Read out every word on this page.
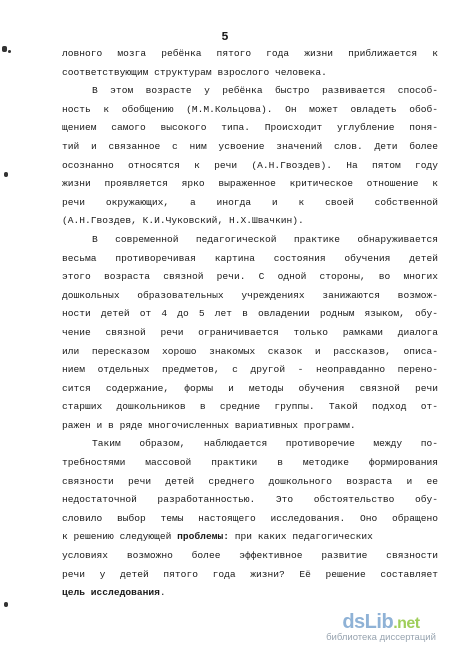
5
ловного мозга ребёнка пятого года жизни приближается к
соответствующим структурам взрослого человека.
В этом возрасте у ребёнка быстро развивается способ-
ность к обобщению (М.М.Кольцова). Он может овладеть обоб-
щением самого высокого типа. Происходит углубление поня-
тий и связанное с ним усвоение значений слов. Дети более
осознанно относятся к речи (А.Н.Гвоздев). На пятом году
жизни проявляется ярко выраженное критическое отношение к
речи окружающих, а иногда и к своей собственной
(А.Н.Гвоздев, К.И.Чуковский, Н.Х.Швачкин).
В современной педагогической практике обнаруживается
весьма противоречивая картина состояния обучения детей
этого возраста связной речи. С одной стороны, во многих
дошкольных образовательных учреждениях занижаются возмож-
ности детей от 4 до 5 лет в овладении родным языком, обу-
чение связной речи ограничивается только рамками диалога
или пересказом хорошо знакомых сказок и рассказов, описа-
нием отдельных предметов, с другой - неоправданно перено-
сится содержание, формы и методы обучения связной речи
старших дошкольников в средние группы. Такой подход от-
ражен и в ряде многочисленных вариативных программ.
Таким образом, наблюдается противоречие между по-
требностями массовой практики в методике формирования
связности речи детей среднего дошкольного возраста и ее
недостаточной разработанностью. Это обстоятельство обу-
словило выбор темы настоящего исследования. Оно обращено
к решению следующей проблемы: при каких педагогических
условиях возможно более эффективное развитие связности
речи у детей пятого года жизни? Её решение составляет
цель исследования.
dsLib.net
библиотека диссертаций
